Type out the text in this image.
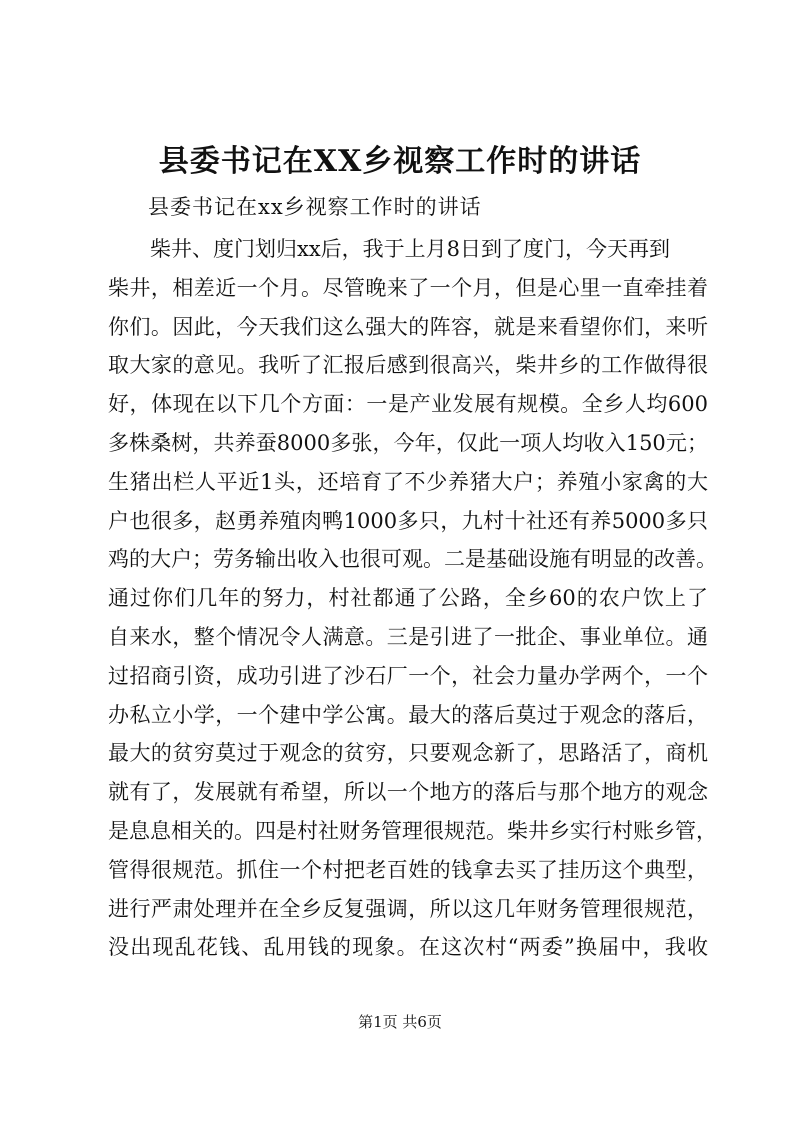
县委书记在XX乡视察工作时的讲话
县委书记在xx乡视察工作时的讲话
　　柴井、度门划归xx后，我于上月8日到了度门，今天再到
柴井，相差近一个月。尽管晚来了一个月，但是心里一直牵挂着
你们。因此，今天我们这么强大的阵容，就是来看望你们，来听
取大家的意见。我听了汇报后感到很高兴，柴井乡的工作做得很
好，体现在以下几个方面：一是产业发展有规模。全乡人均600
多株桑树，共养蚕8000多张，今年，仅此一项人均收入150元；
生猪出栏人平近1头，还培育了不少养猪大户；养殖小家禽的大
户也很多，赵勇养殖肉鸭1000多只，九村十社还有养5000多只
鸡的大户；劳务输出收入也很可观。二是基础设施有明显的改善。
通过你们几年的努力，村社都通了公路，全乡60的农户饮上了
自来水，整个情况令人满意。三是引进了一批企、事业单位。通
过招商引资，成功引进了沙石厂一个，社会力量办学两个，一个
办私立小学，一个建中学公寓。最大的落后莫过于观念的落后，
最大的贫穷莫过于观念的贫穷，只要观念新了，思路活了，商机
就有了，发展就有希望，所以一个地方的落后与那个地方的观念
是息息相关的。四是村社财务管理很规范。柴井乡实行村账乡管，
管得很规范。抓住一个村把老百姓的钱拿去买了挂历这个典型，
进行严肃处理并在全乡反复强调，所以这几年财务管理很规范，
没出现乱花钱、乱用钱的现象。在这次村“两委”换届中，我收
第1页 共6页
